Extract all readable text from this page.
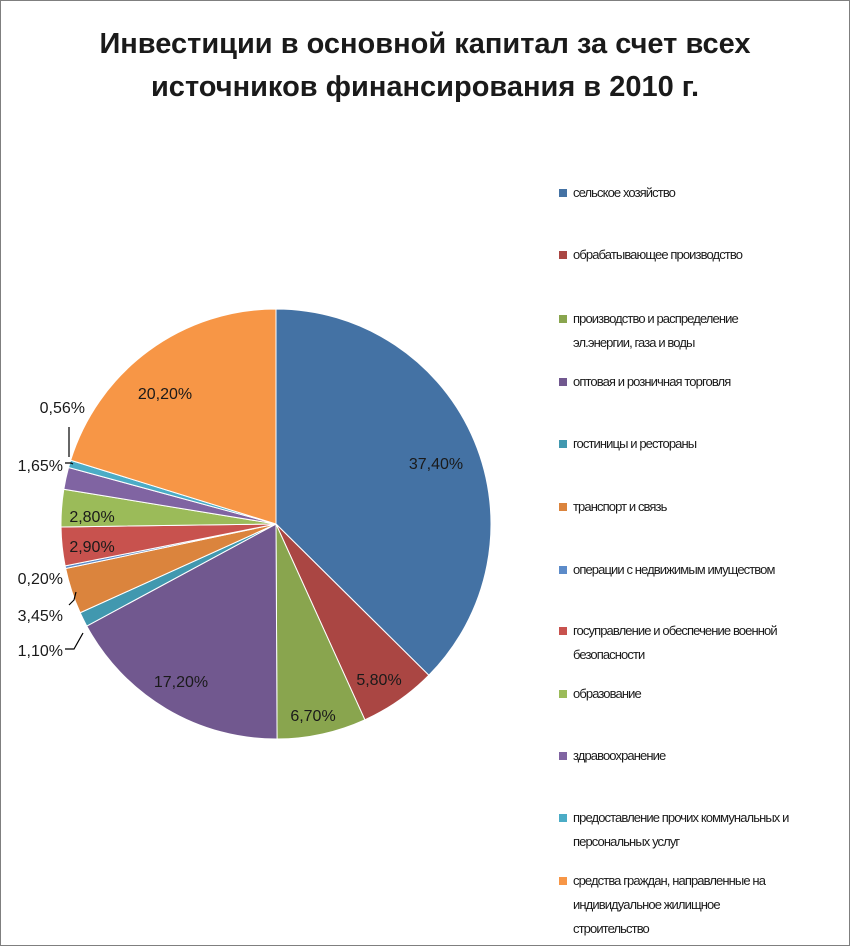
Инвестиции в основной капитал за счет всех
источников финансирования в 2010 г.
37,40%
5,80%
6,70%
17,20%
1,10%
3,45%
0,20%
2,90%
2,80%
1,65%
0,56%
20,20%
сельское хозяйство
обрабатывающее производство
производство и распределение
эл.энергии, газа и воды
оптовая и розничная торговля
гостиницы и рестораны
транспорт и связь
операции с недвижимым имуществом
госуправление и обеспечение военной
безопасности
образование
здравоохранение
предоставление прочих коммунальных и
персональных услуг
средства граждан, направленные на
индивидуальное жилищное
строительство
